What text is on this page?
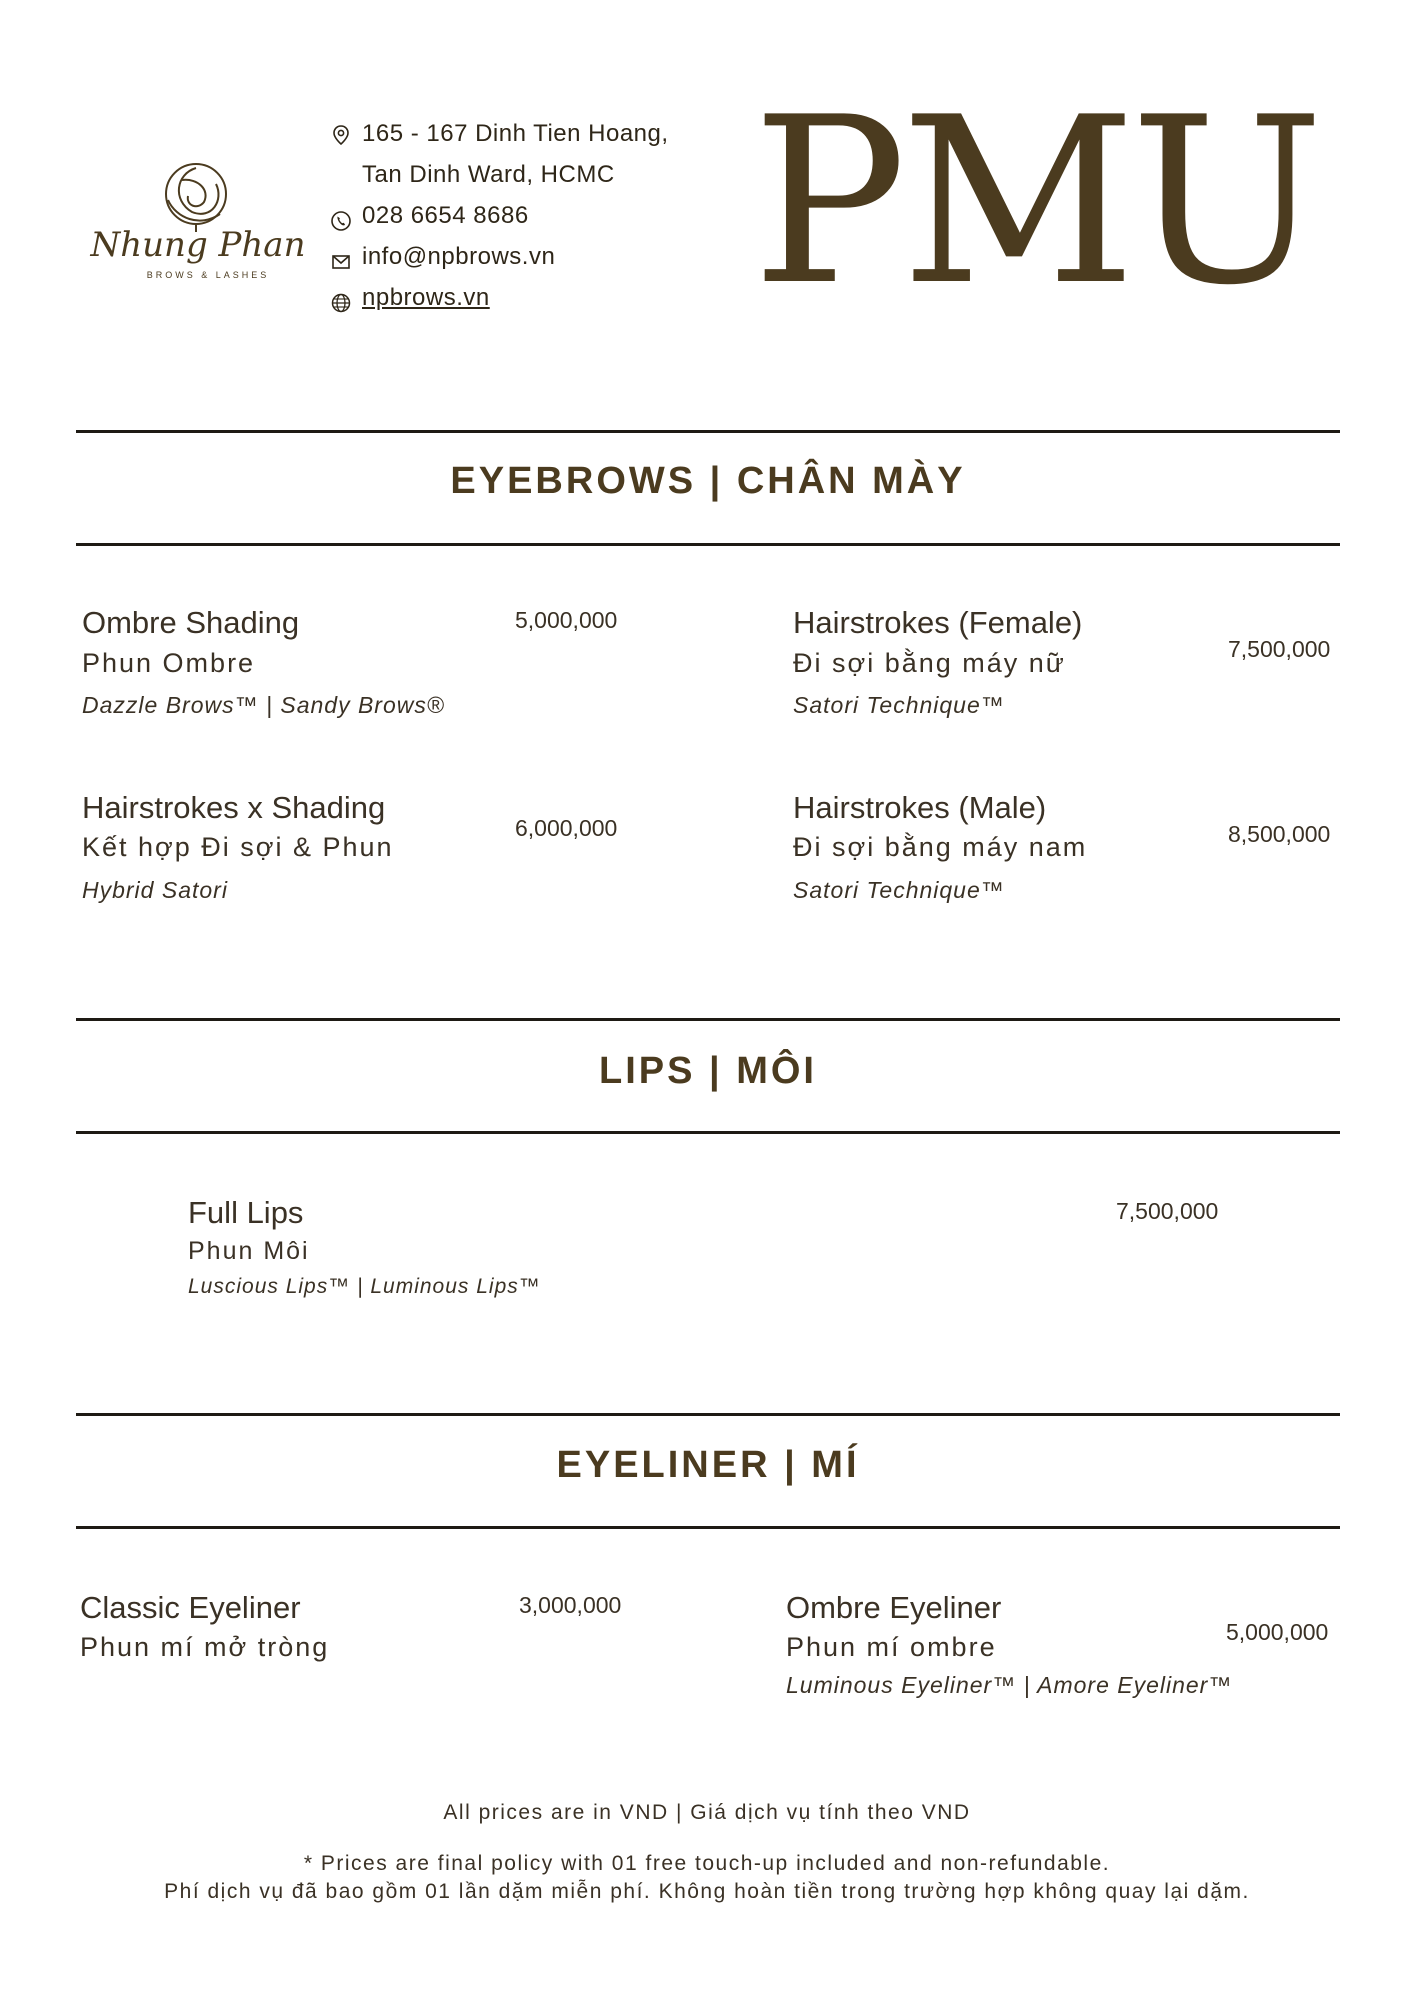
Nhung Phan
BROWS & LASHES
165 - 167 Dinh Tien Hoang,
Tan Dinh Ward, HCMC
028 6654 8686
info@npbrows.vn
npbrows.vn PMU
EYEBROWS | CHÂN MÀY
Ombre Shading
Phun Ombre
Dazzle Brows™ | Sandy Brows®
5,000,000	Hairstrokes (Female)
Đi sợi bằng máy nữ
Satori Technique™
7,500,000
Hairstrokes x Shading
Kết hợp Đi sợi & Phun
Hybrid Satori
6,000,000
Hairstrokes (Male)
Đi sợi bằng máy nam
Satori Technique™
8,500,000
LIPS | MÔI
Full Lips
Phun Môi
Luscious Lips™ | Luminous Lips™
7,500,000
EYELINER | MÍ
Classic Eyeliner
Phun mí mở tròng
3,000,000	Ombre Eyeliner
Phun mí ombre
Luminous Eyeliner™ | Amore Eyeliner™
5,000,000
All prices are in VND | Giá dịch vụ tính theo VND
* Prices are final policy with 01 free touch-up included and non-refundable.
Phí dịch vụ đã bao gồm 01 lần dặm miễn phí. Không hoàn tiền trong trường hợp không quay lại dặm.
